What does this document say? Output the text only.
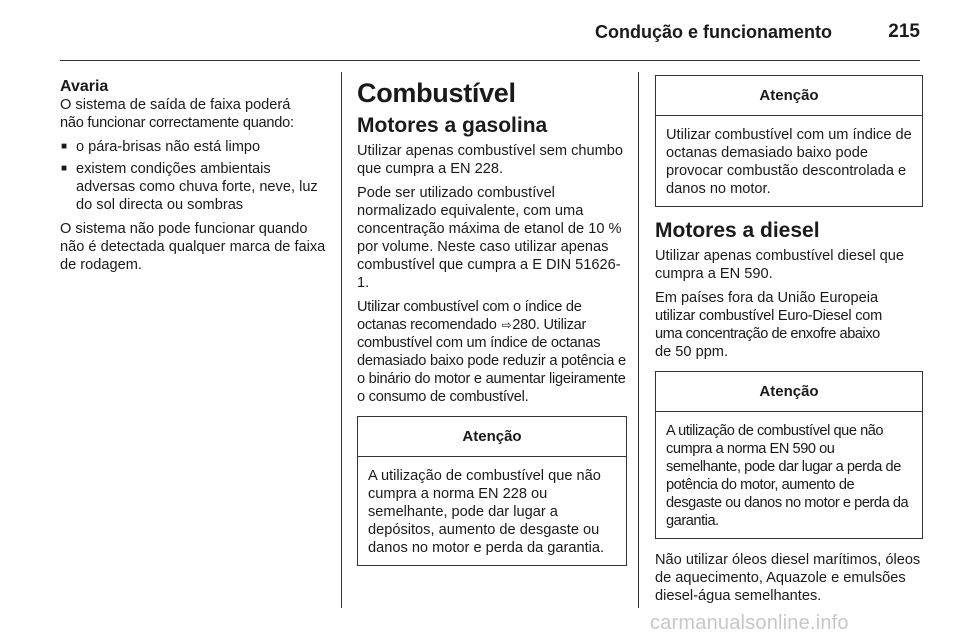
Condução e funcionamento	215
Avaria

O sistema de saída de faixa poderá
não funcionar correctamente quando:

■ o pára-brisas não está limpo
■ existem condições ambientais adversas como chuva forte, neve, luz do sol directa ou sombras

O sistema não pode funcionar quando não é detectada qualquer marca de faixa de rodagem.

Combustível
Motores a gasolina

Utilizar apenas combustível sem chumbo que cumpra a EN 228.

Pode ser utilizado combustível normalizado equivalente, com uma concentração máxima de etanol de 10 % por volume. Neste caso utilizar apenas combustível que cumpra a E DIN 51626-1.

Utilizar combustível com o índice de octanas recomendado ⇨280. Utilizar combustível com um índice de octanas demasiado baixo pode reduzir a potência e o binário do motor e aumentar ligeiramente o consumo de combustível.

Atenção
A utilização de combustível que não cumpra a norma EN 228 ou semelhante, pode dar lugar a depósitos, aumento de desgaste ou danos no motor e perda da garantia.
Atenção
Utilizar combustível com um índice de octanas demasiado baixo pode provocar combustão descontrolada e danos no motor.
Motores a diesel

Utilizar apenas combustível diesel que cumpra a EN 590.

Em países fora da União Europeia
utilizar combustível Euro-Diesel com
uma concentração de enxofre abaixo
de 50 ppm.

Atenção
A utilização de combustível que não cumpra a norma EN 590 ou semelhante, pode dar lugar a perda de potência do motor, aumento de desgaste ou danos no motor e perda da garantia.

Não utilizar óleos diesel marítimos, óleos de aquecimento, Aquazole e emulsões diesel-água semelhantes.

carmanualsonline.info
